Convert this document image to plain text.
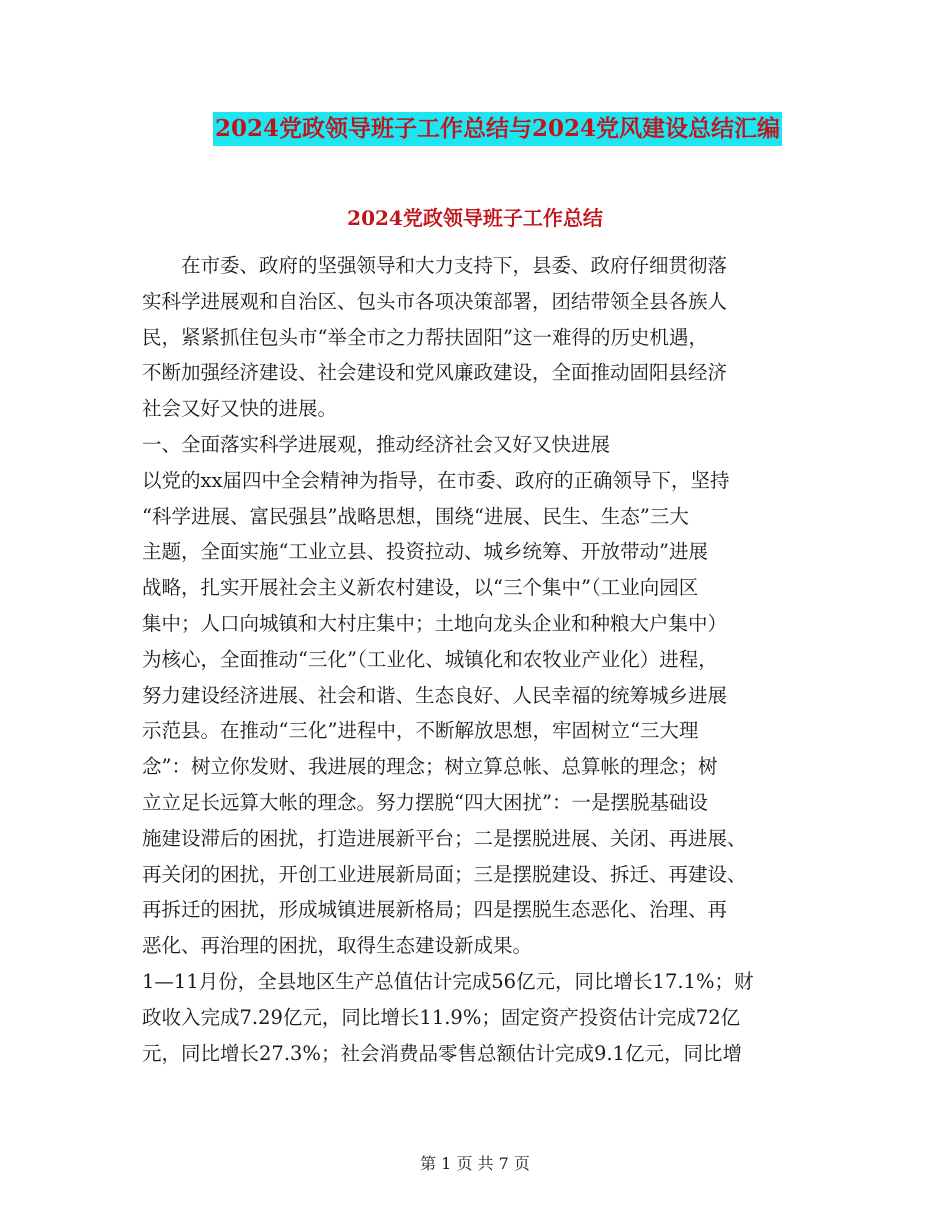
2024党政领导班子工作总结与2024党风建设总结汇编
2024党政领导班子工作总结

在市委、政府的坚强领导和大力支持下，县委、政府仔细贯彻落
实科学进展观和自治区、包头市各项决策部署，团结带领全县各族人
民，紧紧抓住包头市“举全市之力帮扶固阳”这一难得的历史机遇，
不断加强经济建设、社会建设和党风廉政建设，全面推动固阳县经济
社会又好又快的进展。

一、全面落实科学进展观，推动经济社会又好又快进展

以党的xx届四中全会精神为指导，在市委、政府的正确领导下，坚持
“科学进展、富民强县”战略思想，围绕“进展、民生、生态”三大
主题，全面实施“工业立县、投资拉动、城乡统筹、开放带动”进展
战略，扎实开展社会主义新农村建设，以“三个集中”（工业向园区
集中；人口向城镇和大村庄集中；土地向龙头企业和种粮大户集中）
为核心，全面推动“三化”（工业化、城镇化和农牧业产业化）进程，
努力建设经济进展、社会和谐、生态良好、人民幸福的统筹城乡进展
示范县。在推动“三化”进程中，不断解放思想，牢固树立“三大理
念”：树立你发财、我进展的理念；树立算总帐、总算帐的理念；树
立立足长远算大帐的理念。努力摆脱“四大困扰”：一是摆脱基础设
施建设滞后的困扰，打造进展新平台；二是摆脱进展、关闭、再进展、
再关闭的困扰，开创工业进展新局面；三是摆脱建设、拆迁、再建设、
再拆迁的困扰，形成城镇进展新格局；四是摆脱生态恶化、治理、再
恶化、再治理的困扰，取得生态建设新成果。

1—11月份，全县地区生产总值估计完成56亿元，同比增长17.1%；财
政收入完成7.29亿元，同比增长11.9%；固定资产投资估计完成72亿
元，同比增长27.3%；社会消费品零售总额估计完成9.1亿元，同比增

第 1 页 共 7 页
